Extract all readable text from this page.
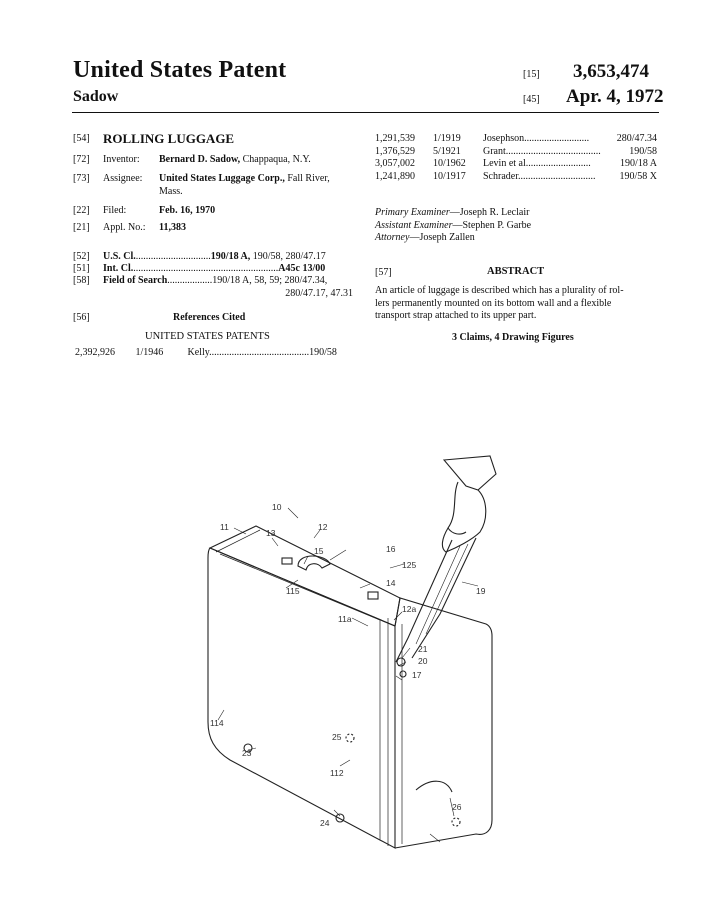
United States Patent
Sadow
[15] 3,653,474
[45] Apr. 4, 1972
[54] ROLLING LUGGAGE
[72]	Inventor: Bernard D. Sadow, Chappaqua, N.Y.
[73]	Assignee: United States Luggage Corp., Fall River,
Mass.
[22]	Filed:	Feb. 16, 1970
[21]	Appl. No.: 11,383
[52]	U.S. Cl...............................190/18 A, 190/58, 280/47.17
[51]	Int. Cl...........................................................A45c 13/00
[58]	Field of Search..................190/18 A, 58, 59; 280/47.34,
280/47.17, 47.31
[56]	References Cited
UNITED STATES PATENTS
2,392,926 1/1946 Kelly........................................190/58
1,291,539 1/1919 Josephson..........................	280/47.34
1,376,529 5/1921 Grant......................................	190/58
3,057,002 10/1962 Levin et al..........................	190/18 A
1,241,890 10/1917 Schrader............................... 190/58 X
Primary Examiner—Joseph R. Leclair
Assistant Examiner—Stephen P. Garbe
Attorney—Joseph Zallen
[57]	ABSTRACT
An article of luggage is described which has a plurality of rol-
lers permanently mounted on its bottom wall and a flexible
transport strap attached to its upper part.
3 Claims, 4 Drawing Figures
10
11
13
12
15	16
14
125
115	19
11a
12a
21
20
17
114
25
23
112
26
24
